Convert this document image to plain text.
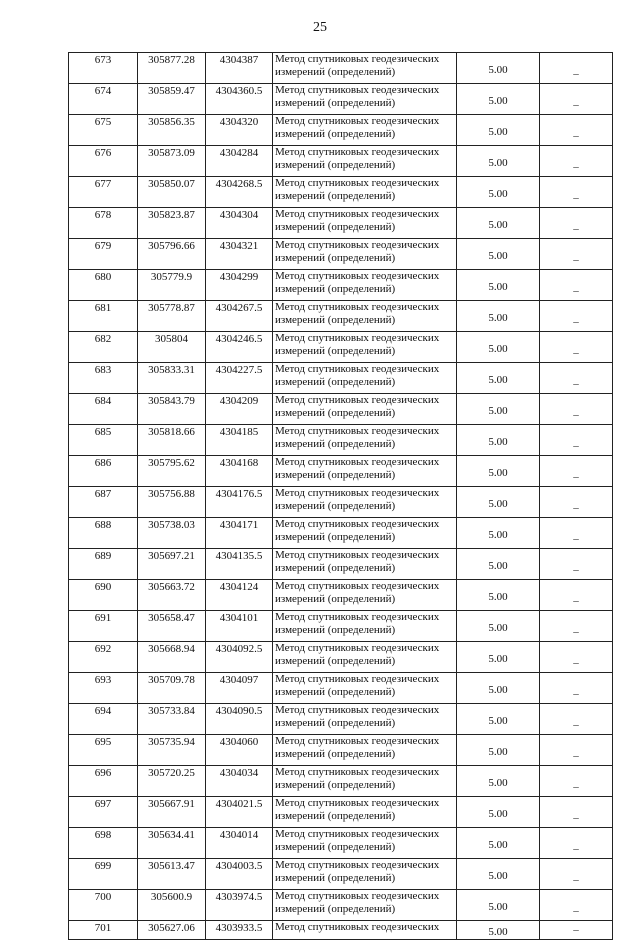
25
673	305877.28	4304387	Метод спутниковых геодезических измерений (определений)	5.00	–
674	305859.47	4304360.5	Метод спутниковых геодезических измерений (определений)	5.00	–
675	305856.35	4304320	Метод спутниковых геодезических измерений (определений)	5.00	–
676	305873.09	4304284	Метод спутниковых геодезических измерений (определений)	5.00	–
677	305850.07	4304268.5	Метод спутниковых геодезических измерений (определений)	5.00	–
678	305823.87	4304304	Метод спутниковых геодезических измерений (определений)	5.00	–
679	305796.66	4304321	Метод спутниковых геодезических измерений (определений)	5.00	–
680	305779.9	4304299	Метод спутниковых геодезических измерений (определений)	5.00	–
681	305778.87	4304267.5	Метод спутниковых геодезических измерений (определений)	5.00	–
682	305804	4304246.5	Метод спутниковых геодезических измерений (определений)	5.00	–
683	305833.31	4304227.5	Метод спутниковых геодезических измерений (определений)	5.00	–
684	305843.79	4304209	Метод спутниковых геодезических измерений (определений)	5.00	–
685	305818.66	4304185	Метод спутниковых геодезических измерений (определений)	5.00	–
686	305795.62	4304168	Метод спутниковых геодезических измерений (определений)	5.00	–
687	305756.88	4304176.5	Метод спутниковых геодезических измерений (определений)	5.00	–
688	305738.03	4304171	Метод спутниковых геодезических измерений (определений)	5.00	–
689	305697.21	4304135.5	Метод спутниковых геодезических измерений (определений)	5.00	–
690	305663.72	4304124	Метод спутниковых геодезических измерений (определений)	5.00	–
691	305658.47	4304101	Метод спутниковых геодезических измерений (определений)	5.00	–
692	305668.94	4304092.5	Метод спутниковых геодезических измерений (определений)	5.00	–
693	305709.78	4304097	Метод спутниковых геодезических измерений (определений)	5.00	–
694	305733.84	4304090.5	Метод спутниковых геодезических измерений (определений)	5.00	–
695	305735.94	4304060	Метод спутниковых геодезических измерений (определений)	5.00	–
696	305720.25	4304034	Метод спутниковых геодезических измерений (определений)	5.00	–
697	305667.91	4304021.5	Метод спутниковых геодезических измерений (определений)	5.00	–
698	305634.41	4304014	Метод спутниковых геодезических измерений (определений)	5.00	–
699	305613.47	4304003.5	Метод спутниковых геодезических измерений (определений)	5.00	–
700	305600.9	4303974.5	Метод спутниковых геодезических измерений (определений)	5.00	–
701	305627.06	4303933.5	Метод спутниковых геодезических	5.00	–
